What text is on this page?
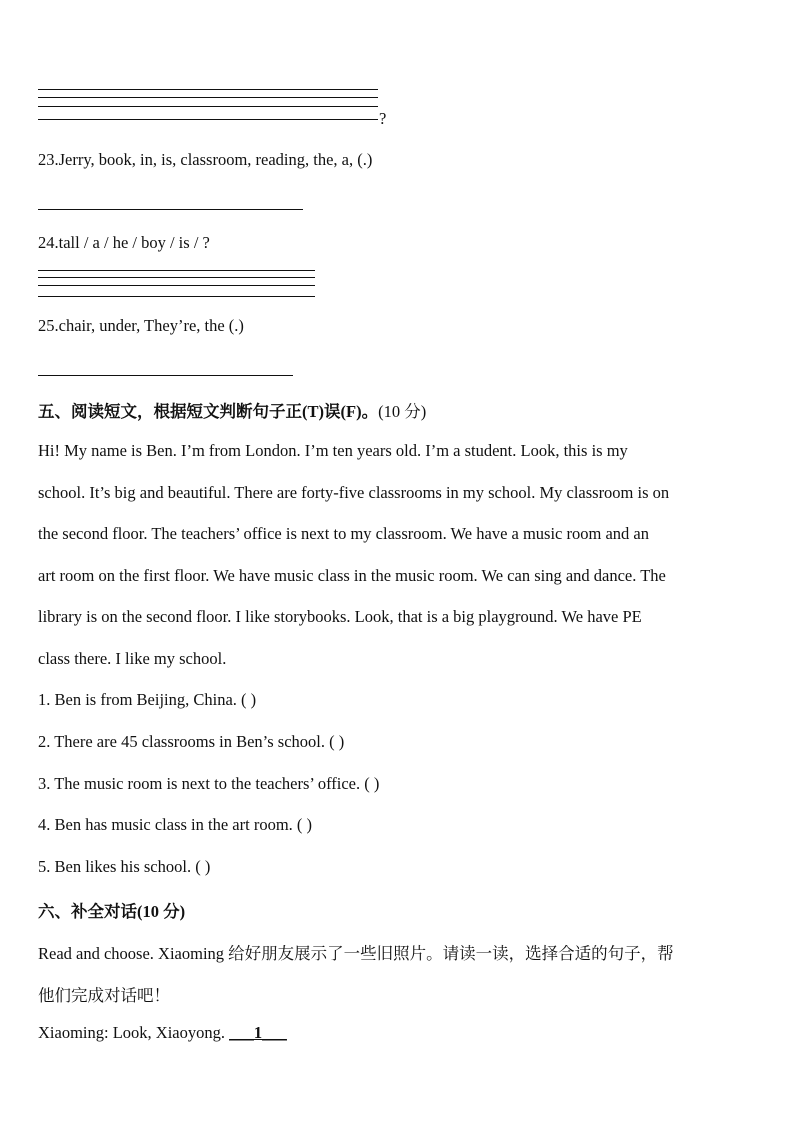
?
23.Jerry, book, in, is, classroom, reading, the, a, (.)
24.tall / a / he / boy / is / ?
25.chair, under, They’re, the (.)
五、阅读短文，根据短文判断句子正(T)误(F)。(10 分)
Hi! My name is Ben. I’m from London. I’m ten years old. I’m a student. Look, this is my
school. It’s big and beautiful. There are forty-five classrooms in my school. My classroom is on
the second floor. The teachers’ office is next to my classroom. We have a music room and an
art room on the first floor. We have music class in the music room. We can sing and dance. The
library is on the second floor. I like storybooks. Look, that is a big playground. We have PE
class there. I like my school.
1. Ben is from Beijing, China. ( )
2. There are 45 classrooms in Ben’s school. ( )
3. The music room is next to the teachers’ office. ( )
4. Ben has music class in the art room. ( )
5. Ben likes his school. ( )
六、补全对话(10 分)
Read and choose. Xiaoming 给好朋友展示了一些旧照片。请读一读，选择合适的句子，帮
他们完成对话吧！
Xiaoming: Look, Xiaoyong. ___1___
